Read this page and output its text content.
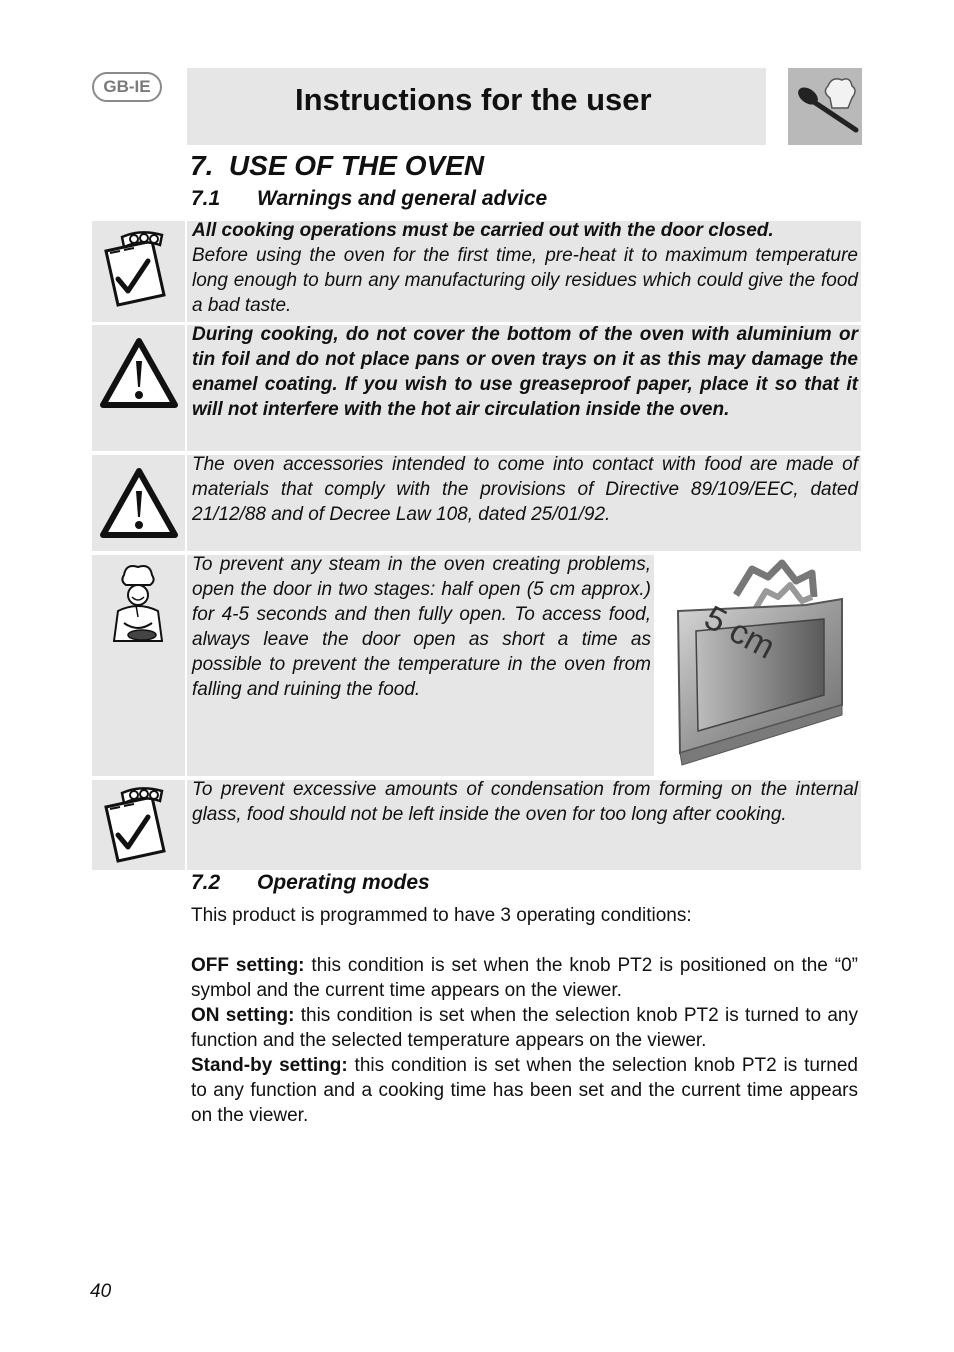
GB-IE	Instructions for the user
7. USE OF THE OVEN
7.1 Warnings and general advice
All cooking operations must be carried out with the door closed.
Before using the oven for the first time, pre-heat it to maximum temperature long enough to burn any manufacturing oily residues which could give the food a bad taste.
During cooking, do not cover the bottom of the oven with aluminium or tin foil and do not place pans or oven trays on it as this may damage the enamel coating. If you wish to use greaseproof paper, place it so that it will not interfere with the hot air circulation inside the oven.
The oven accessories intended to come into contact with food are made of materials that comply with the provisions of Directive 89/109/EEC, dated 21/12/88 and of Decree Law 108, dated 25/01/92.
To prevent any steam in the oven creating problems, open the door in two stages: half open (5 cm approx.) for 4-5 seconds and then fully open. To access food, always leave the door open as short a time as possible to prevent the temperature in the oven from falling and ruining the food.
5 cm
To prevent excessive amounts of condensation from forming on the internal glass, food should not be left inside the oven for too long after cooking.
7.2 Operating modes
This product is programmed to have 3 operating conditions:
OFF setting: this condition is set when the knob PT2 is positioned on the “0” symbol and the current time appears on the viewer.
ON setting: this condition is set when the selection knob PT2 is turned to any function and the selected temperature appears on the viewer.
Stand-by setting: this condition is set when the selection knob PT2 is turned to any function and a cooking time has been set and the current time appears on the viewer.
40
